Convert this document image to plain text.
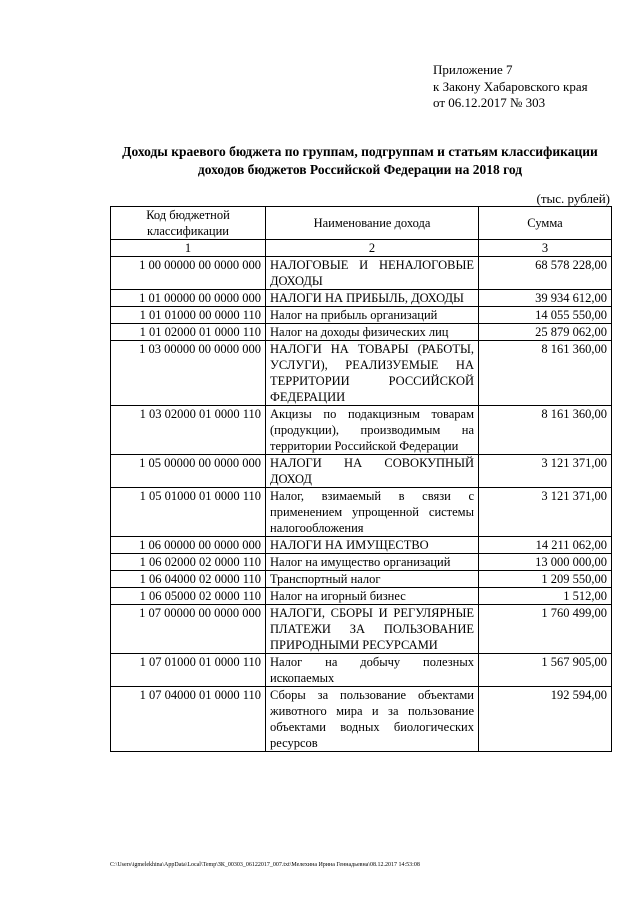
Приложение 7
к Закону Хабаровского края
от 06.12.2017 № 303
Доходы краевого бюджета по группам, подгруппам и статьям классификации доходов бюджетов Российской Федерации на 2018 год
(тыс. рублей)
Код бюджетной классификации	Наименование дохода	Сумма
1	2	3
1 00 00000 00 0000 000	НАЛОГОВЫЕ И НЕНАЛОГОВЫЕ ДОХОДЫ	68 578 228,00
1 01 00000 00 0000 000	НАЛОГИ НА ПРИБЫЛЬ, ДОХОДЫ	39 934 612,00
1 01 01000 00 0000 110	Налог на прибыль организаций	14 055 550,00
1 01 02000 01 0000 110	Налог на доходы физических лиц	25 879 062,00
1 03 00000 00 0000 000	НАЛОГИ НА ТОВАРЫ (РАБОТЫ, УСЛУГИ), РЕАЛИЗУЕМЫЕ НА ТЕРРИТОРИИ РОССИЙСКОЙ ФЕДЕРАЦИИ	8 161 360,00
1 03 02000 01 0000 110	Акцизы по подакцизным товарам (продукции), производимым на территории Российской Федерации	8 161 360,00
1 05 00000 00 0000 000	НАЛОГИ НА СОВОКУПНЫЙ ДОХОД	3 121 371,00
1 05 01000 01 0000 110	Налог, взимаемый в связи с применением упрощенной системы налогообложения	3 121 371,00
1 06 00000 00 0000 000	НАЛОГИ НА ИМУЩЕСТВО	14 211 062,00
1 06 02000 02 0000 110	Налог на имущество организаций	13 000 000,00
1 06 04000 02 0000 110	Транспортный налог	1 209 550,00
1 06 05000 02 0000 110	Налог на игорный бизнес	1 512,00
1 07 00000 00 0000 000	НАЛОГИ, СБОРЫ И РЕГУЛЯРНЫЕ ПЛАТЕЖИ ЗА ПОЛЬЗОВАНИЕ ПРИРОДНЫМИ РЕСУРСАМИ	1 760 499,00
1 07 01000 01 0000 110	Налог на добычу полезных ископаемых	1 567 905,00
1 07 04000 01 0000 110	Сборы за пользование объектами животного мира и за пользование объектами водных биологических ресурсов	192 594,00
C:\Users\igmelekhina\AppData\Local\Temp\ЗК_00303_06122017_007.txt\Мелехина Ирина Геннадьевна\08.12.2017 14:53:08
